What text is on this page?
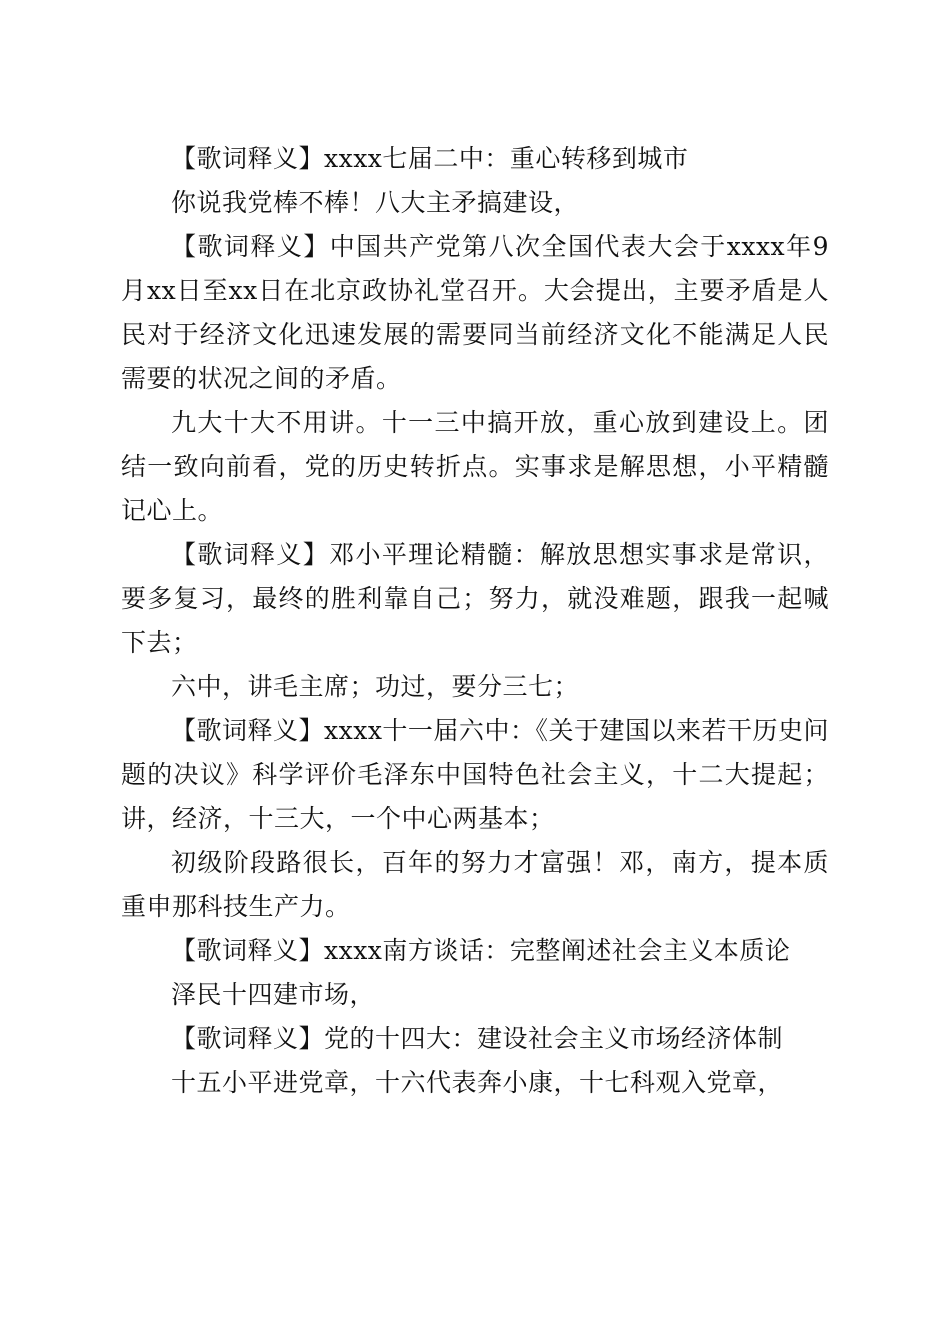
【歌词释义】xxxx七届二中：重心转移到城市

你说我党棒不棒！八大主矛搞建设，

【歌词释义】中国共产党第八次全国代表大会于xxxx年9月xx日至xx日在北京政协礼堂召开。大会提出，主要矛盾是人民对于经济文化迅速发展的需要同当前经济文化不能满足人民需要的状况之间的矛盾。

九大十大不用讲。十一三中搞开放，重心放到建设上。团结一致向前看，党的历史转折点。实事求是解思想，小平精髓记心上。

【歌词释义】邓小平理论精髓：解放思想实事求是常识，要多复习，最终的胜利靠自己；努力，就没难题，跟我一起喊下去；

六中，讲毛主席；功过，要分三七；

【歌词释义】xxxx十一届六中：《关于建国以来若干历史问题的决议》科学评价毛泽东中国特色社会主义，十二大提起；讲，经济，十三大，一个中心两基本；

初级阶段路很长，百年的努力才富强！邓，南方，提本质重申那科技生产力。

【歌词释义】xxxx南方谈话：完整阐述社会主义本质论

泽民十四建市场，

【歌词释义】党的十四大：建设社会主义市场经济体制

十五小平进党章，十六代表奔小康，十七科观入党章，
